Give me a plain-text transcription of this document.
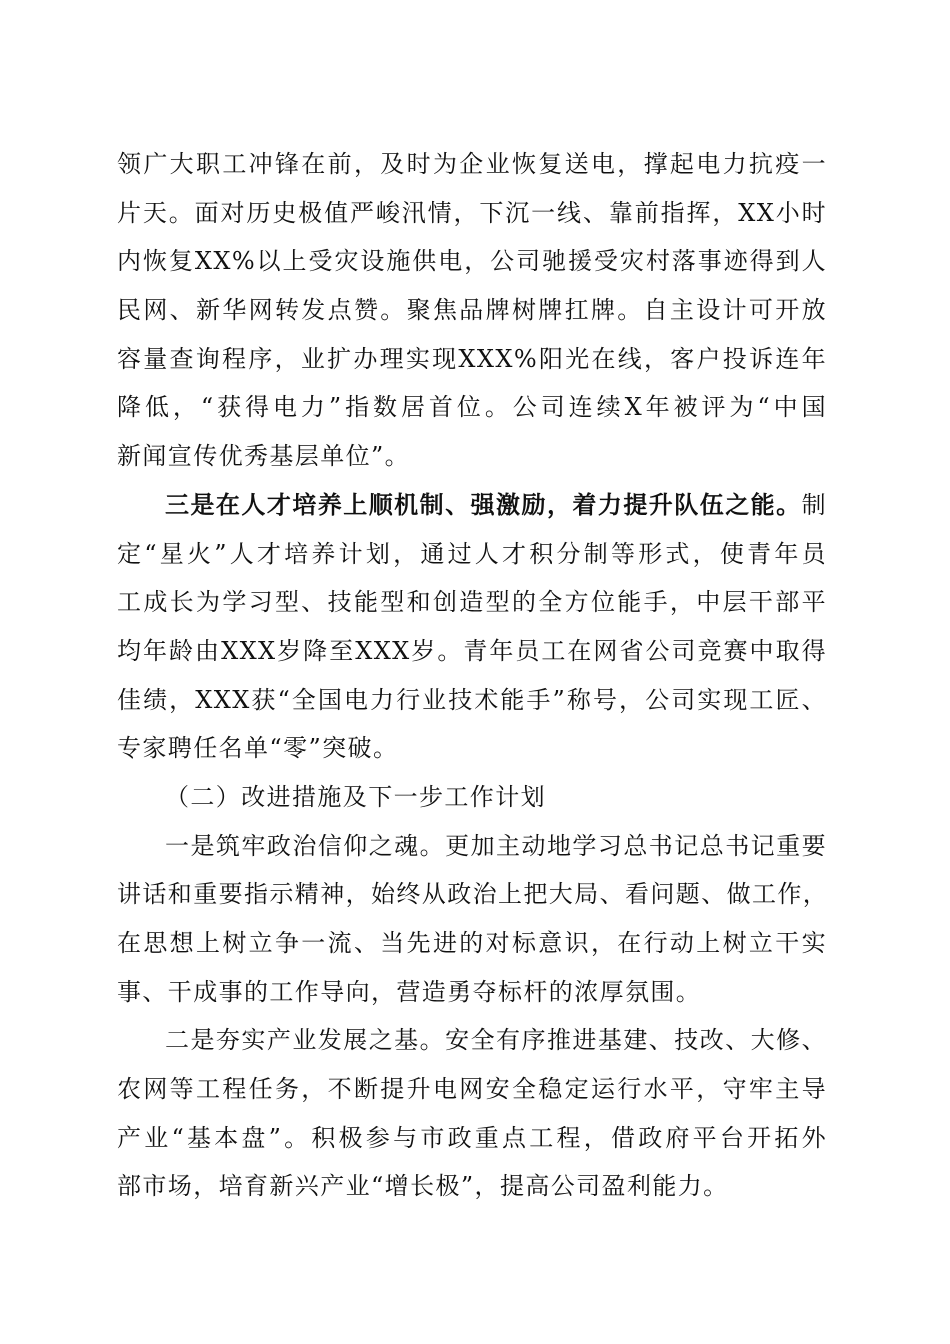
领广大职工冲锋在前，及时为企业恢复送电，撑起电力抗疫一
片天。面对历史极值严峻汛情，下沉一线、靠前指挥，XX小时
内恢复XX%以上受灾设施供电，公司驰援受灾村落事迹得到人
民网、新华网转发点赞。聚焦品牌树牌扛牌。自主设计可开放
容量查询程序，业扩办理实现XXX%阳光在线，客户投诉连年
降低，“获得电力”指数居首位。公司连续X年被评为“中国
新闻宣传优秀基层单位”。
三是在人才培养上顺机制、强激励，着力提升队伍之能。制
定“星火”人才培养计划，通过人才积分制等形式，使青年员
工成长为学习型、技能型和创造型的全方位能手，中层干部平
均年龄由XXX岁降至XXX岁。青年员工在网省公司竞赛中取得
佳绩，XXX获“全国电力行业技术能手”称号，公司实现工匠、
专家聘任名单“零”突破。
（二）改进措施及下一步工作计划
一是筑牢政治信仰之魂。更加主动地学习总书记总书记重要
讲话和重要指示精神，始终从政治上把大局、看问题、做工作，
在思想上树立争一流、当先进的对标意识，在行动上树立干实
事、干成事的工作导向，营造勇夺标杆的浓厚氛围。
二是夯实产业发展之基。安全有序推进基建、技改、大修、
农网等工程任务，不断提升电网安全稳定运行水平，守牢主导
产业“基本盘”。积极参与市政重点工程，借政府平台开拓外
部市场，培育新兴产业“增长极”，提高公司盈利能力。
